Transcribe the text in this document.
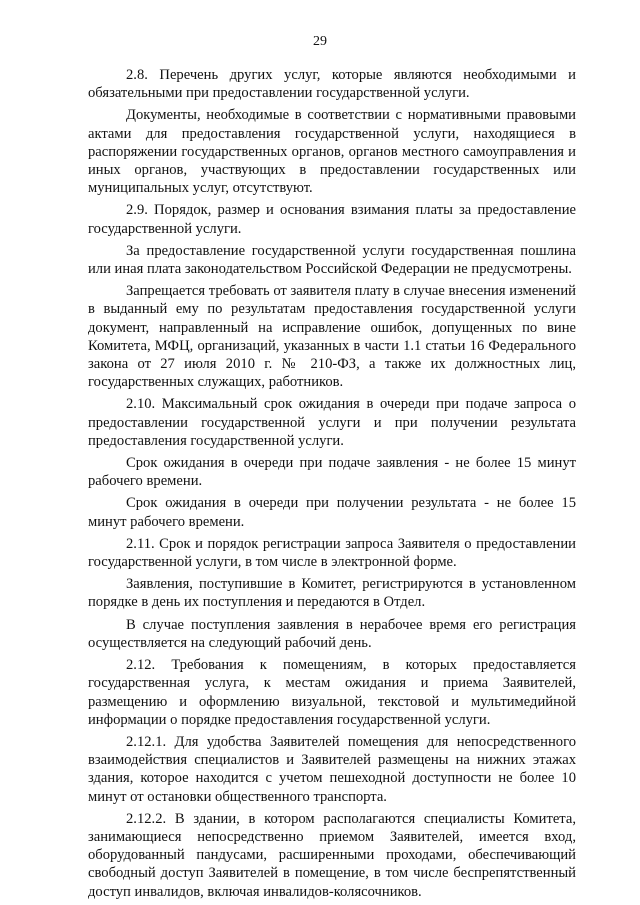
29

2.8. Перечень других услуг, которые являются необходимыми и обязательными при предоставлении государственной услуги.

Документы, необходимые в соответствии с нормативными правовыми актами для предоставления государственной услуги, находящиеся в распоряжении государственных органов, органов местного самоуправления и иных органов, участвующих в предоставлении государственных или муниципальных услуг, отсутствуют.

2.9. Порядок, размер и основания взимания платы за предоставление государственной услуги.

За предоставление государственной услуги государственная пошлина или иная плата законодательством Российской Федерации не предусмотрены.

Запрещается требовать от заявителя плату в случае внесения изменений в выданный ему по результатам предоставления государственной услуги документ, направленный на исправление ошибок, допущенных по вине Комитета, МФЦ, организаций, указанных в части 1.1 статьи 16 Федерального закона от 27 июля 2010 г. № 210-ФЗ, а также их должностных лиц, государственных служащих, работников.

2.10. Максимальный срок ожидания в очереди при подаче запроса о предоставлении государственной услуги и при получении результата предоставления государственной услуги.

Срок ожидания в очереди при подаче заявления - не более 15 минут рабочего времени.

Срок ожидания в очереди при получении результата - не более 15 минут рабочего времени.

2.11. Срок и порядок регистрации запроса Заявителя о предоставлении государственной услуги, в том числе в электронной форме.

Заявления, поступившие в Комитет, регистрируются в установленном порядке в день их поступления и передаются в Отдел.

В случае поступления заявления в нерабочее время его регистрация осуществляется на следующий рабочий день.

2.12. Требования к помещениям, в которых предоставляется государственная услуга, к местам ожидания и приема Заявителей, размещению и оформлению визуальной, текстовой и мультимедийной информации о порядке предоставления государственной услуги.

2.12.1. Для удобства Заявителей помещения для непосредственного взаимодействия специалистов и Заявителей размещены на нижних этажах здания, которое находится с учетом пешеходной доступности не более 10 минут от остановки общественного транспорта.

2.12.2. В здании, в котором располагаются специалисты Комитета, занимающиеся непосредственно приемом Заявителей, имеется вход, оборудованный пандусами, расширенными проходами, обеспечивающий свободный доступ Заявителей в помещение, в том числе беспрепятственный доступ инвалидов, включая инвалидов-колясочников.
